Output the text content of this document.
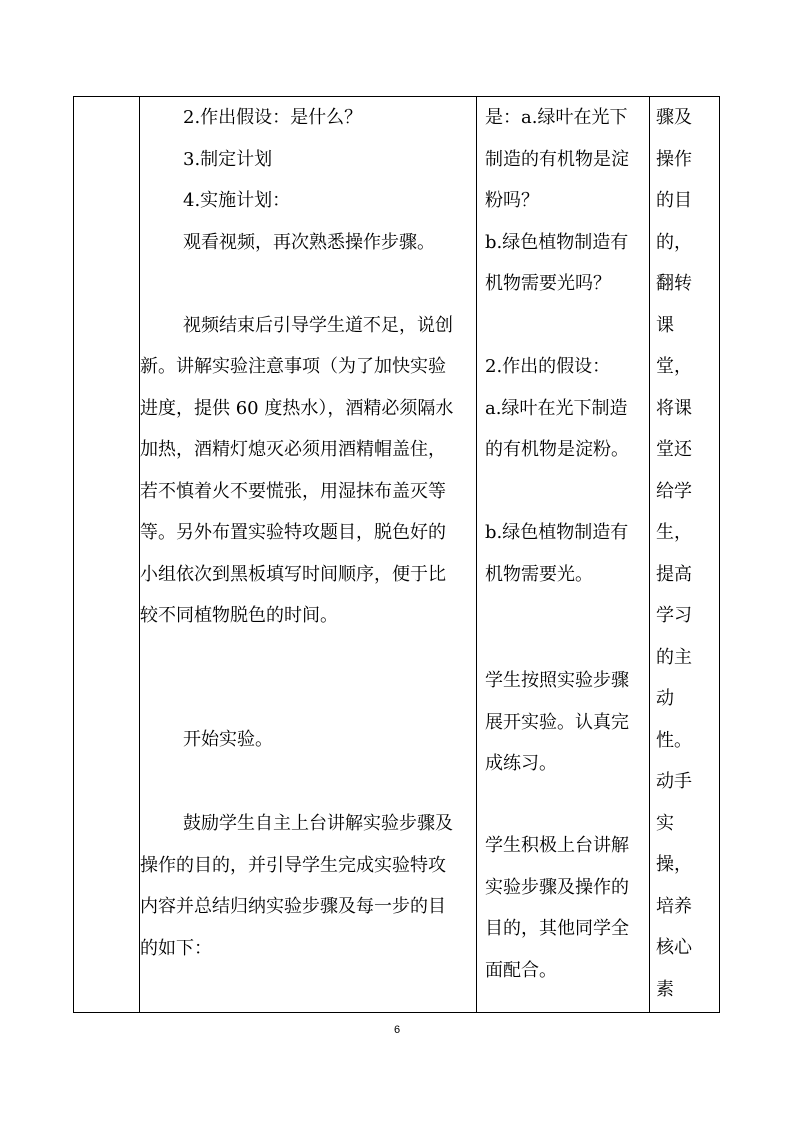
2.作出假设：是什么？

3.制定计划

4.实施计划：

观看视频，再次熟悉操作步骤。

视频结束后引导学生道不足，说创新。讲解实验注意事项（为了加快实验进度，提供 60 度热水），酒精必须隔水加热，酒精灯熄灭必须用酒精帽盖住，若不慎着火不要慌张，用湿抹布盖灭等等。另外布置实验特攻题目，脱色好的小组依次到黑板填写时间顺序，便于比较不同植物脱色的时间。

开始实验。

鼓励学生自主上台讲解实验步骤及操作的目的，并引导学生完成实验特攻内容并总结归纳实验步骤及每一步的目的如下：

是：a.绿叶在光下制造的有机物是淀粉吗？

b.绿色植物制造有机物需要光吗？

2.作出的假设：

a.绿叶在光下制造的有机物是淀粉。

b.绿色植物制造有机物需要光。

学生按照实验步骤展开实验。认真完成练习。

学生积极上台讲解实验步骤及操作的目的，其他同学全面配合。

骤及操作的目的，翻转课堂，将课堂还给学生，提高学习的主动性。动手实操，培养核心素

6
